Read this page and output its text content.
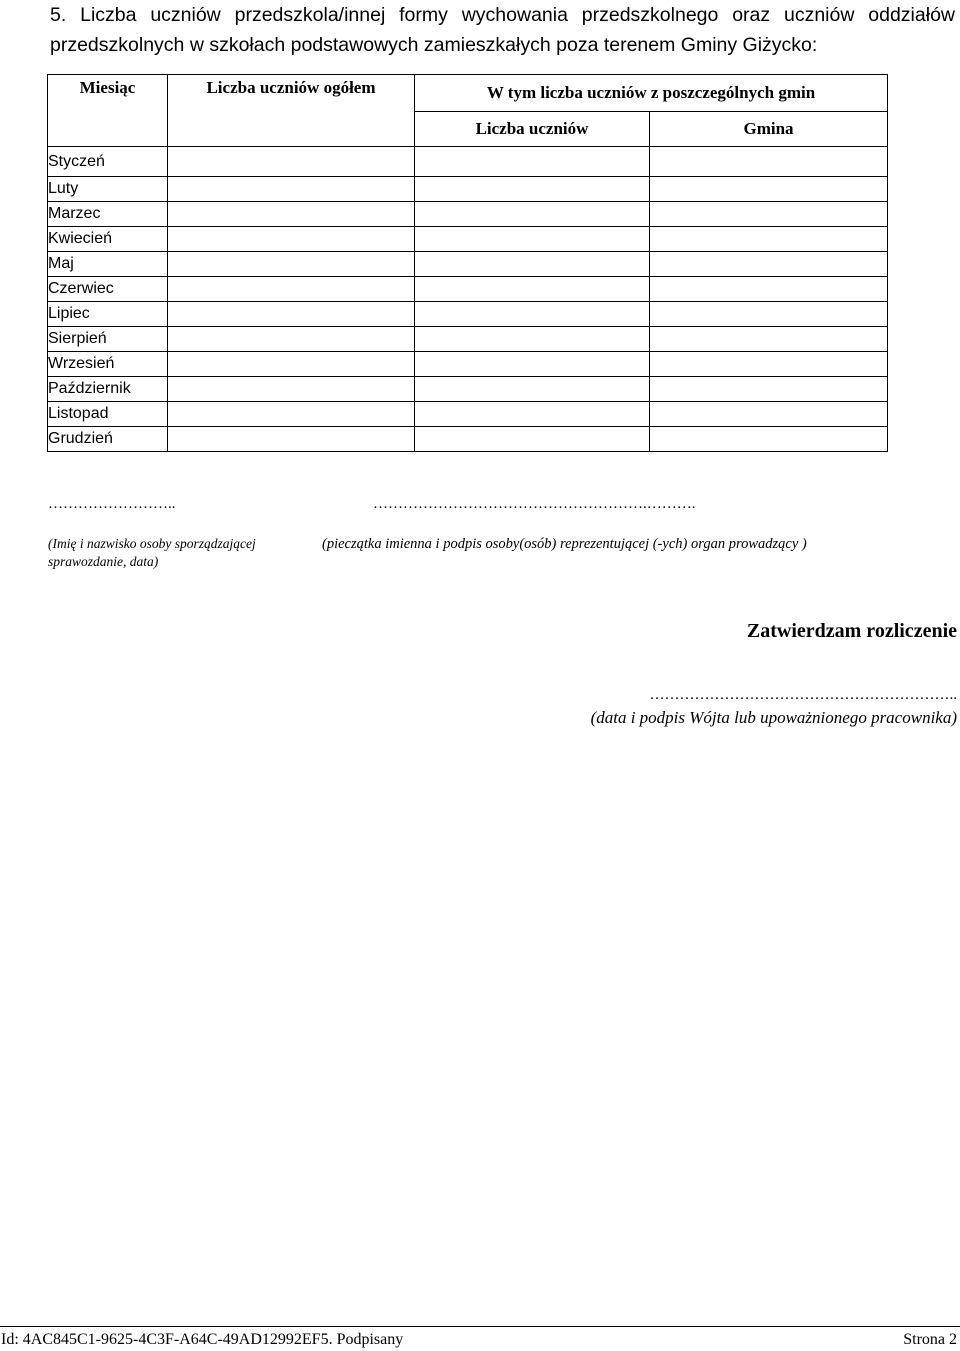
5. Liczba uczniów przedszkola/innej formy wychowania przedszkolnego oraz uczniów oddziałów przedszkolnych w szkołach podstawowych zamieszkałych poza terenem Gminy Giżycko:
Miesiąc	Liczba uczniów ogółem	W tym liczba uczniów z poszczególnych gmin	
		Liczba uczniów	Gmina
Styczeń			
Luty			
Marzec			
Kwiecień			
Maj			
Czerwiec			
Lipiec			
Sierpień			
Wrzesień			
Październik			
Listopad			
Grudzień			
……………………..	……………………………………………….……….
(Imię i nazwisko osoby sporządzającej sprawozdanie, data)
(pieczątka imienna i podpis osoby(osób) reprezentującej (-ych) organ prowadzący )
Zatwierdzam rozliczenie
……………………………………………………..
(data i podpis Wójta lub upoważnionego pracownika)
Id: 4AC845C1-9625-4C3F-A64C-49AD12992EF5. Podpisany	Strona 2
